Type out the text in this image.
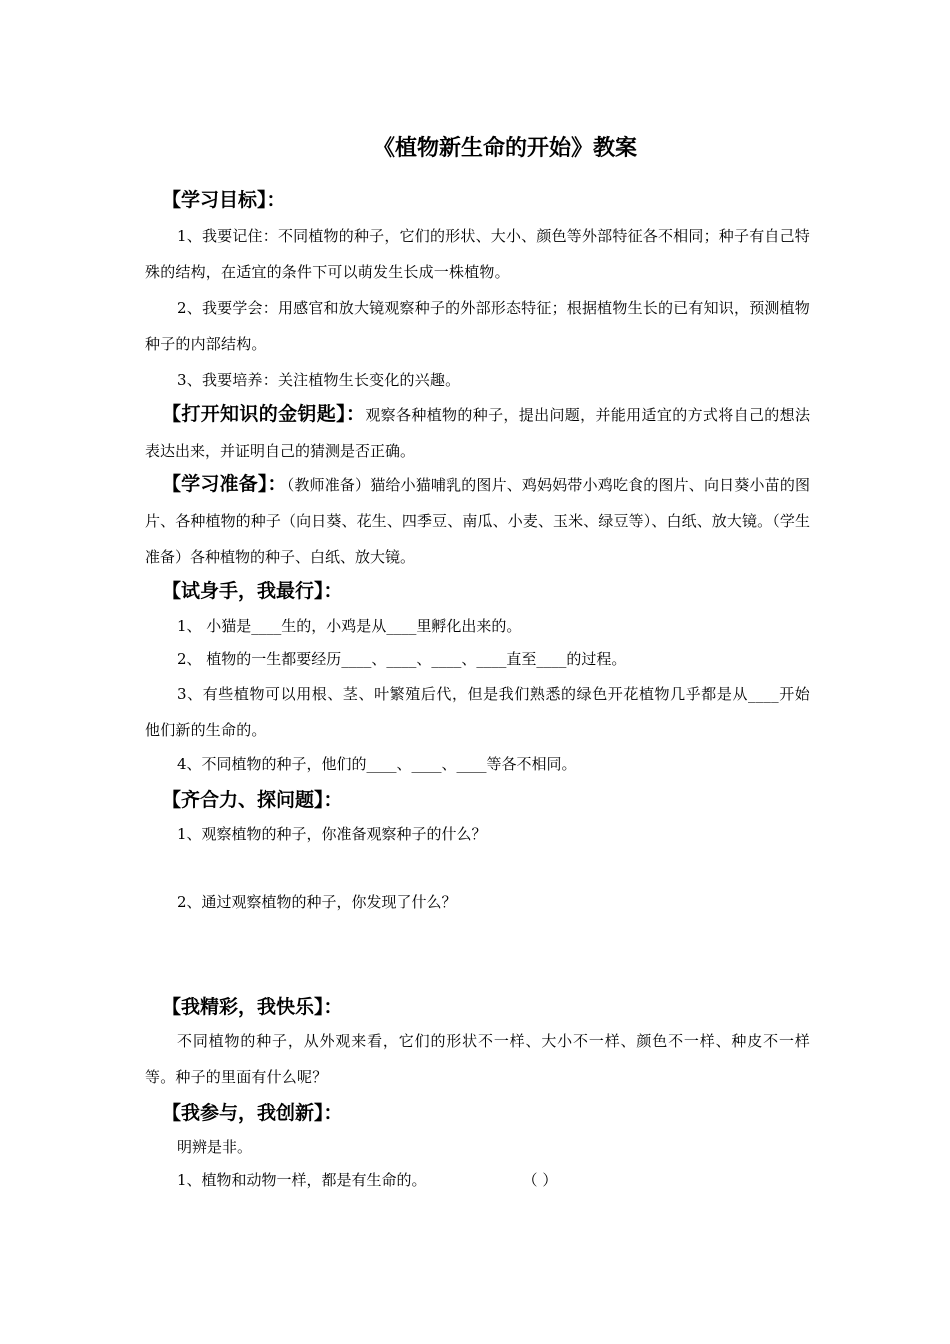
《植物新生命的开始》教案
【学习目标】：
1、我要记住：不同植物的种子，它们的形状、大小、颜色等外部特征各不相同；种子有自己特殊的结构，在适宜的条件下可以萌发生长成一株植物。
2、我要学会：用感官和放大镜观察种子的外部形态特征；根据植物生长的已有知识，预测植物种子的内部结构。
3、我要培养：关注植物生长变化的兴趣。
【打开知识的金钥匙】：观察各种植物的种子，提出问题，并能用适宜的方式将自己的想法表达出来，并证明自己的猜测是否正确。
【学习准备】：（教师准备）猫给小猫哺乳的图片、鸡妈妈带小鸡吃食的图片、向日葵小苗的图片、各种植物的种子（向日葵、花生、四季豆、南瓜、小麦、玉米、绿豆等）、白纸、放大镜。（学生准备）各种植物的种子、白纸、放大镜。
【试身手，我最行】：
1、 小猫是____生的，小鸡是从____里孵化出来的。
2、 植物的一生都要经历____、____、____、____直至____的过程。
3、有些植物可以用根、茎、叶繁殖后代，但是我们熟悉的绿色开花植物几乎都是从____开始他们新的生命的。
4、不同植物的种子，他们的____、____、____等各不相同。
【齐合力、探问题】：
1、观察植物的种子，你准备观察种子的什么？
2、通过观察植物的种子，你发现了什么？
【我精彩，我快乐】：
不同植物的种子，从外观来看，它们的形状不一样、大小不一样、颜色不一样、种皮不一样等。种子的里面有什么呢？
【我参与，我创新】：
明辨是非。
1、植物和动物一样，都是有生命的。	（ ）
